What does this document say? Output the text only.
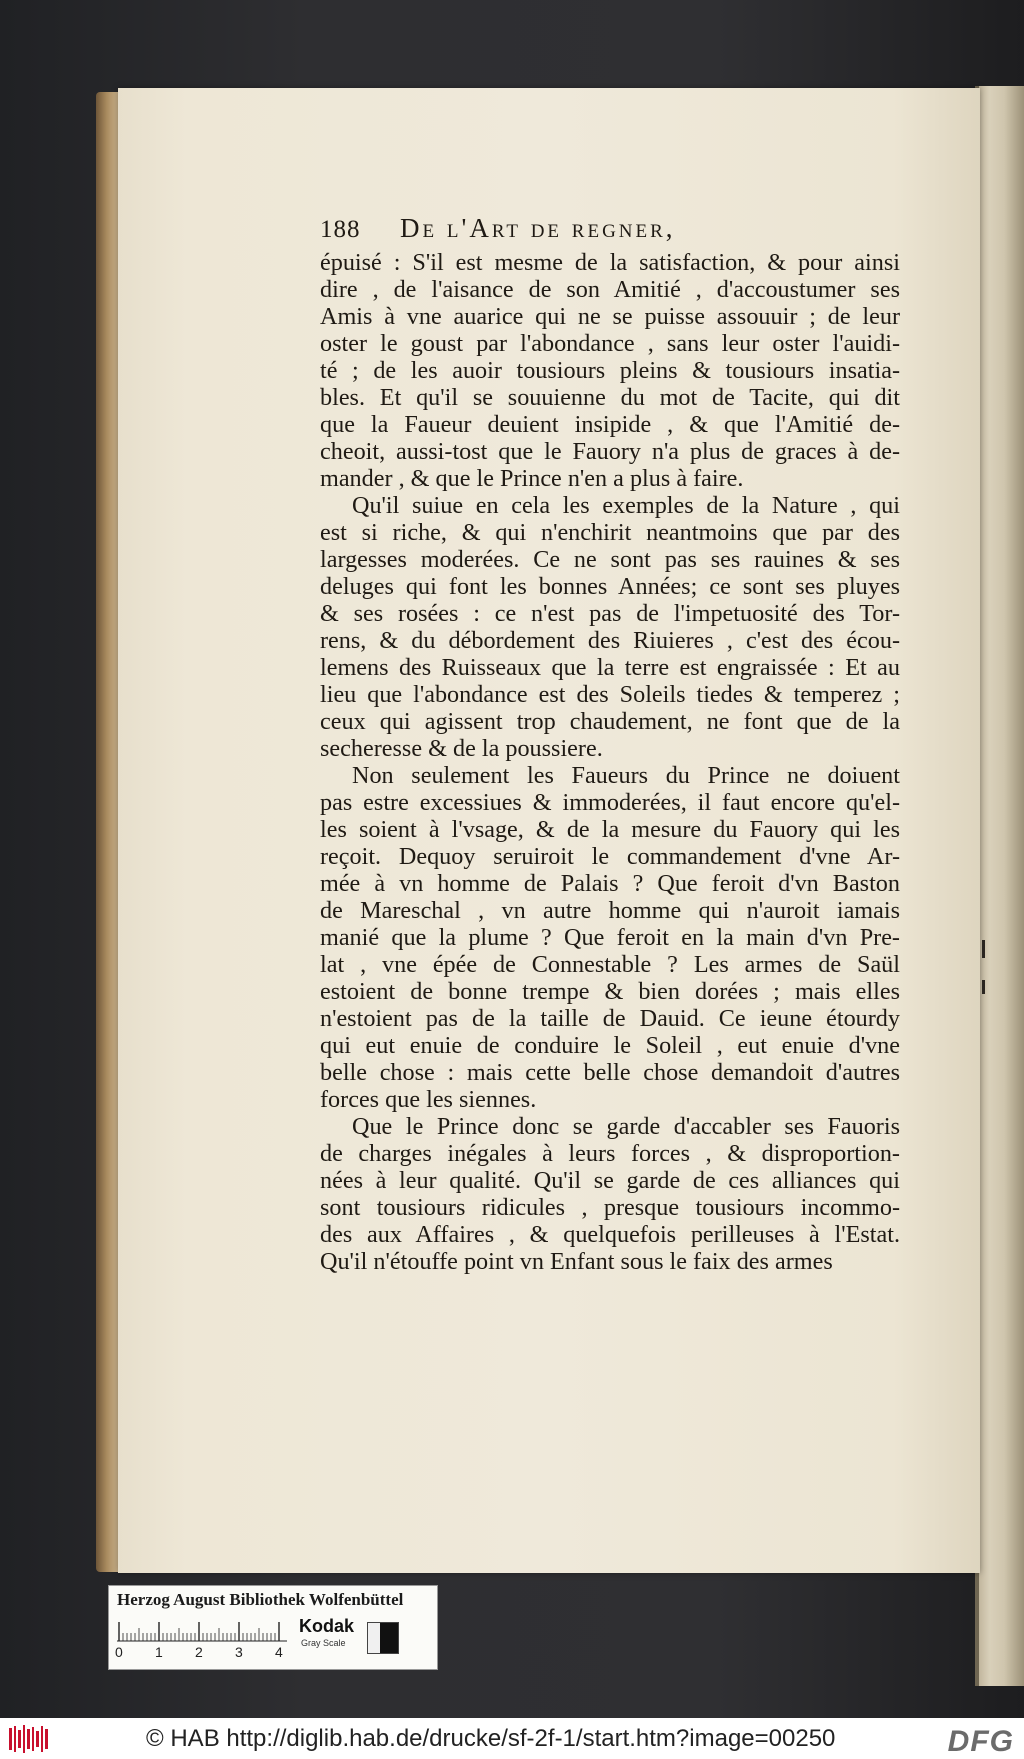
188	De l'Art de regner,
épuisé : S'il est mesme de la satisfaction, & pour ainsi
dire , de l'aisance de son Amitié , d'accoustumer ses
Amis à vne auarice qui ne se puisse assouuir ; de leur
oster le goust par l'abondance , sans leur oster l'auidi-
té ; de les auoir tousiours pleins & tousiours insatia-
bles. Et qu'il se souuienne du mot de Tacite, qui dit
que la Faueur deuient insipide , & que l'Amitié de-
cheoit, aussi-tost que le Fauory n'a plus de graces à de-
mander , & que le Prince n'en a plus à faire.
Qu'il suiue en cela les exemples de la Nature , qui
est si riche, & qui n'enchirit neantmoins que par des
largesses moderées. Ce ne sont pas ses rauines & ses
deluges qui font les bonnes Années; ce sont ses pluyes
& ses rosées : ce n'est pas de l'impetuosité des Tor-
rens, & du débordement des Riuieres , c'est des écou-
lemens des Ruisseaux que la terre est engraissée : Et au
lieu que l'abondance est des Soleils tiedes & temperez ;
ceux qui agissent trop chaudement, ne font que de la
secheresse & de la poussiere.
Non seulement les Faueurs du Prince ne doiuent
pas estre excessiues & immoderées, il faut encore qu'el-
les soient à l'vsage, & de la mesure du Fauory qui les
reçoit. Dequoy seruiroit le commandement d'vne Ar-
mée à vn homme de Palais ? Que feroit d'vn Baston
de Mareschal , vn autre homme qui n'auroit iamais
manié que la plume ? Que feroit en la main d'vn Pre-
lat , vne épée de Connestable ? Les armes de Saül
estoient de bonne trempe & bien dorées ; mais elles
n'estoient pas de la taille de Dauid. Ce ieune étourdy
qui eut enuie de conduire le Soleil , eut enuie d'vne
belle chose : mais cette belle chose demandoit d'autres
forces que les siennes.
Que le Prince donc se garde d'accabler ses Fauoris
de charges inégales à leurs forces , & disproportion-
nées à leur qualité. Qu'il se garde de ces alliances qui
sont tousiours ridicules , presque tousiours incommo-
des aux Affaires , & quelquefois perilleuses à l'Estat.
Qu'il n'étouffe point vn Enfant sous le faix des armes
Herzog August Bibliothek Wolfenbüttel
0 1 2 3 4
Kodak
Gray Scale
© HAB http://diglib.hab.de/drucke/sf-2f-1/start.htm?image=00250	DFG
